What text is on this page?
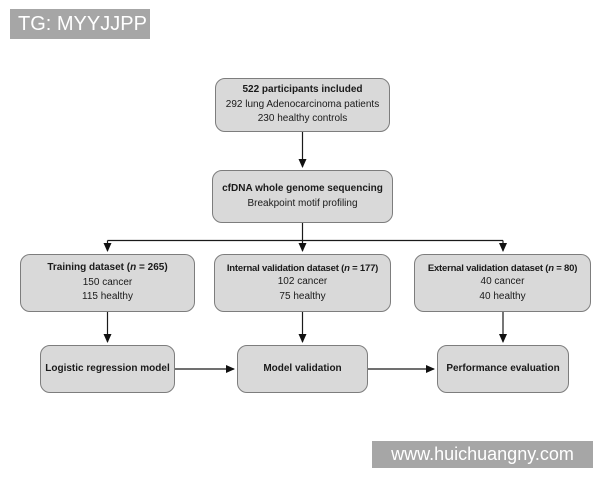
522 participants included
292 lung Adenocarcinoma patients
230 healthy controls
cfDNA whole genome sequencing
Breakpoint motif profiling
Training dataset (n = 265)
150 cancer
115 healthy
Internal validation dataset (n = 177)
102 cancer
75 healthy
External validation dataset (n = 80)
40 cancer
40 healthy
Logistic regression model	Model validation	Performance evaluation
TG: MYYJJPP
www.huichuangny.com
